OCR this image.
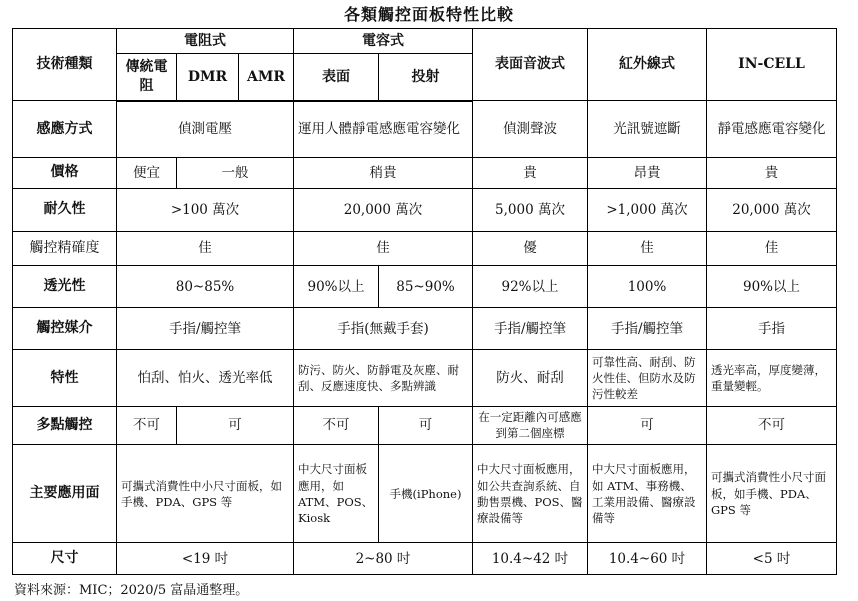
各類觸控面板特性比較
技術種類	電阻式			電容式		表面音波式	紅外線式	IN-CELL
	傳統電阻	DMR	AMR	表面	投射			
感應方式	偵測電壓			運用人體靜電感應電容變化		偵測聲波	光訊號遮斷	靜電感應電容變化
價格	便宜	一般		稍貴		貴	昂貴	貴
耐久性	>100 萬次			20,000 萬次		5,000 萬次	>1,000 萬次	20,000 萬次
觸控精確度	佳			佳		優	佳	佳
透光性	80~85%			90%以上	85~90%	92%以上	100%	90%以上
觸控媒介	手指/觸控筆			手指(無戴手套)		手指/觸控筆	手指/觸控筆	手指
特性	怕刮、怕火、透光率低			防污、防火、防靜電及灰塵、耐刮、反應速度快、多點辨識		防火、耐刮	可靠性高、耐刮、防火性佳、但防水及防污性較差	透光率高，厚度變薄，重量變輕。
多點觸控	不可	可		不可	可	在一定距離內可感應到第二個座標	可	不可
主要應用面	可攜式消費性中小尺寸面板，如手機、PDA、GPS 等			中大尺寸面板應用，如 ATM、POS、Kiosk	手機(iPhone)	中大尺寸面板應用，如公共查詢系統、自動售票機、POS、醫療設備等	中大尺寸面板應用，如 ATM、事務機、工業用設備、醫療設備等	可攜式消費性小尺寸面板，如手機、PDA、GPS 等
尺寸	<19 吋			2~80 吋		10.4~42 吋	10.4~60 吋	<5 吋
資料來源：MIC；2020/5 富晶通整理。
